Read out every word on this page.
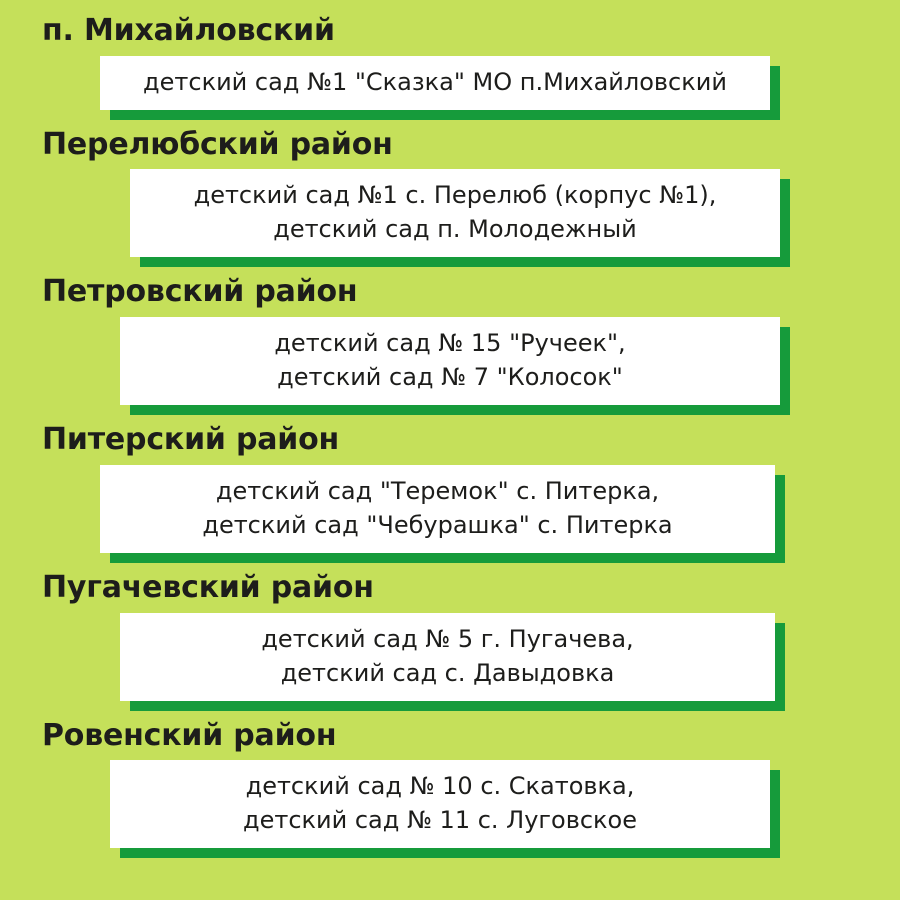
п. Михайловский
детский сад №1 "Сказка" МО п.Михайловский
Перелюбский район
детский сад №1 с. Перелюб (корпус №1),
детский сад п. Молодежный
Петровский район
детский сад № 15 "Ручеек",
детский сад № 7 "Колосок"
Питерский район
детский сад "Теремок" с. Питерка,
детский сад "Чебурашка" с. Питерка
Пугачевский район
детский сад № 5 г. Пугачева,
детский сад с. Давыдовка
Ровенский район
детский сад № 10 с. Скатовка,
детский сад № 11 с. Луговское
